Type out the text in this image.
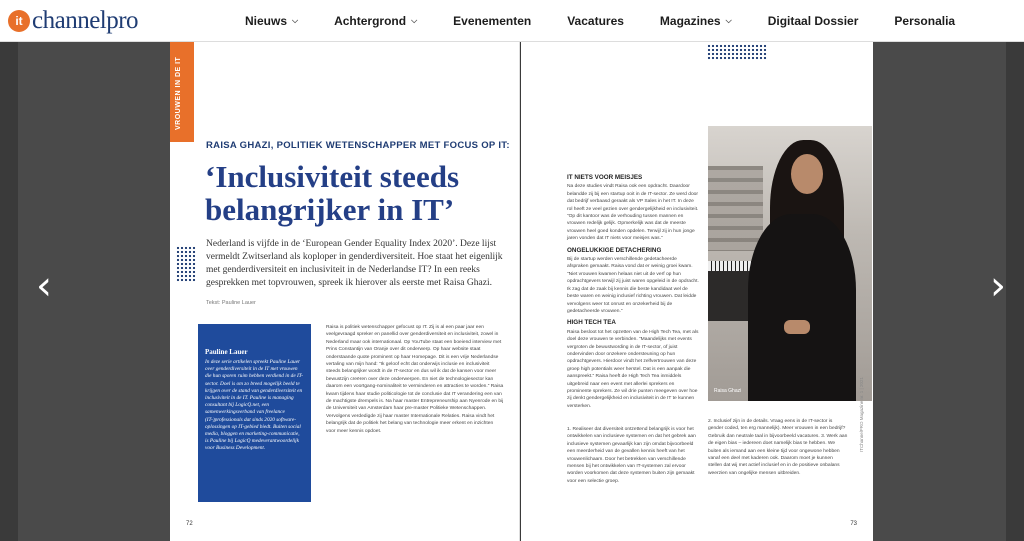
it channelpro	Nieuws ⌵	Achtergrond ⌵	Evenementen	Vacatures	Magazines ⌵	Digitaal Dossier	Personalia
VROUWEN IN DE IT
RAISA GHAZI, POLITIEK WETENSCHAPPER MET FOCUS OP IT:
‘Inclusiviteit steeds belangrijker in IT’
Nederland is vijfde in de ‘European Gender Equality Index 2020’. Deze lijst vermeldt Zwitserland als koploper in genderdiversiteit. Hoe staat het eigenlijk met genderdiversiteit en inclusiviteit in de Nederlandse IT? In een reeks gesprekken met topvrouwen, spreek ik hierover als eerste met Raisa Ghazi.
Tekst: Pauline Lauer
Pauline Lauer
In deze serie artikelen spreekt Pauline Lauer over genderdiversiteit in de IT met vrouwen die hun sporen ruim hebben verdiend in de IT-sector. Doel is om zo breed mogelijk beeld te krijgen over de stand van genderdiversiteit en inclusiviteit in de IT. Pauline is managing consultant bij LogicQ.net, een samenwerkingsverband van freelance (IT-)professionals dat sinds 2020 software-oplossingen op IT-gebied biedt. Buiten social media, bloggen en marketing-communicatie, is Pauline bij LogicQ medeverantwoordelijk voor Business Development.
Raisa is politiek wetenschapper gefocust op IT. Zij is al een paar jaar een veelgevraagd spreker en panellid over genderdiversiteit en inclusiviteit, zowel in Nederland maar ook internationaal. Op YouTube staat een boeiend interview met Prins Constantijn van Oranje over dit onderwerp. Op haar website staat onderstaande quote prominent op haar Homepage. Dit is een vrije Nederlandse vertaling van mijn hand: “Ik geloof echt dat onderwijs inclusie en inclusiviteit steeds belangrijker wordt in de IT-sector en dus wil ik dat de kansen voor meer bewustzijn creëren over deze onderwerpen. En niet de technologiesector kan daarom een voortgang-nominaliteit te verminderen en attracties te worden.” Raisa kwam tijdens haar studie politicologie tot de conclusie dat IT verandering een van de machtigste drempels is. Na haar master Entrepreneurship aan Nyenrode en bij de Universiteit van Amsterdam haar pre-master Politieke Wetenschappen. Vervolgens verdedigde zij haar master Internationale Relaties. Raisa vindt het belangrijk dat de politiek het belang van technologie meer erkent en inzichten voor meer kennis opdoet.
72
IT NIETS VOOR MEISJES
Na deze studies vindt Raisa ook een opdracht. Daardoor belandde zij bij een startup ooit in de IT-sector. Ze werd door dat bedrijf verbaasd geraakt als VP Sales in het IT. In deze rol heeft ze veel gezien over gendergelijkheid en inclusiviteit. “Op dit kantoor was de verhouding tussen mannen en vrouwen redelijk gelijk. Opmerkelijk was dat de meeste vrouwen heel goed konden opdelen. Terwijl zij in hun jonge jaren vonden dat IT niets voor meisjes was.”
ONGELUKKIGE DETACHERING
Bij de startup werden verschillende gedetacheerde afspraken gemaakt. Raisa vond dat er weinig groei kwam. “Niet vrouwen kwamen helaas niet uit de verf op hun opdrachtgevers terwijl zij juist waren opgeleid in de opdracht. Ik zag dat de zaak bij kennis die beste kandidaat wel de beste waren en weinig inclusief richting vrouwen. Dat leidde vervolgens weer tot onrust en onzekerheid bij de gedetacheerde vrouwen.”
HIGH TECH TEA
Raisa besloot tot het opzetten van de High Tech Tea, met als doel deze vrouwen te verbinden. “Maandelijks met events vergroten de bewustwording in de IT-sector, of juist ondervinden door onzekere ondersteuning op hun opdrachtgevers. Hierdoor vindt het zelfvertrouwen van deze groep high potentials weer herstel. Dat is een aanpak die aanspreekt.” Raisa heeft de High Tech Tea inmiddels uitgebreid naar een event met allerlei sprekers en prominente sprekers. Ze wil drie punten meegeven over hoe zij denkt gendergelijkheid en inclusiviteit in de IT te kunnen versterken.
1. Realiseer dat diversiteit ontzettend belangrijk is voor het ontwikkelen van inclusieve systemen en dat het gebrek aan inclusieve systemen gevaarlijk kan zijn omdat bijvoorbeeld een meerderheid van de gevallen kennis heeft van het vrouwenlichaam. Door het betrekken van verschillende mensen bij het ontwikkelen van IT-systemen zal ervoor worden voorkomen dat deze systemen buiten zijn gemaakt voor een selectie groep.
Raisa Ghazi
2. Inclusief zijn in de details. Vraag eens in de IT-sector is gender coded, ten erg mannelijk). Meer vrouwen in een bedrijf? Gebruik dan neutrale taal in bijvoorbeeld vacatures. 3. Werk aan de eigen bias – iedereen doet namelijk bias te hebben. We buiten als iemand aan een kleine tijd voor ongewone hebben vanaf een deel met kaderen ook. Daarom moet je kunnen stellen dat wij met actief inclusief en in de positieve onbalans weerzien van ongelijke mensen uitbreiden.
ITChannelPRO Magazine nr. 1 | 2021
73
‹	›
